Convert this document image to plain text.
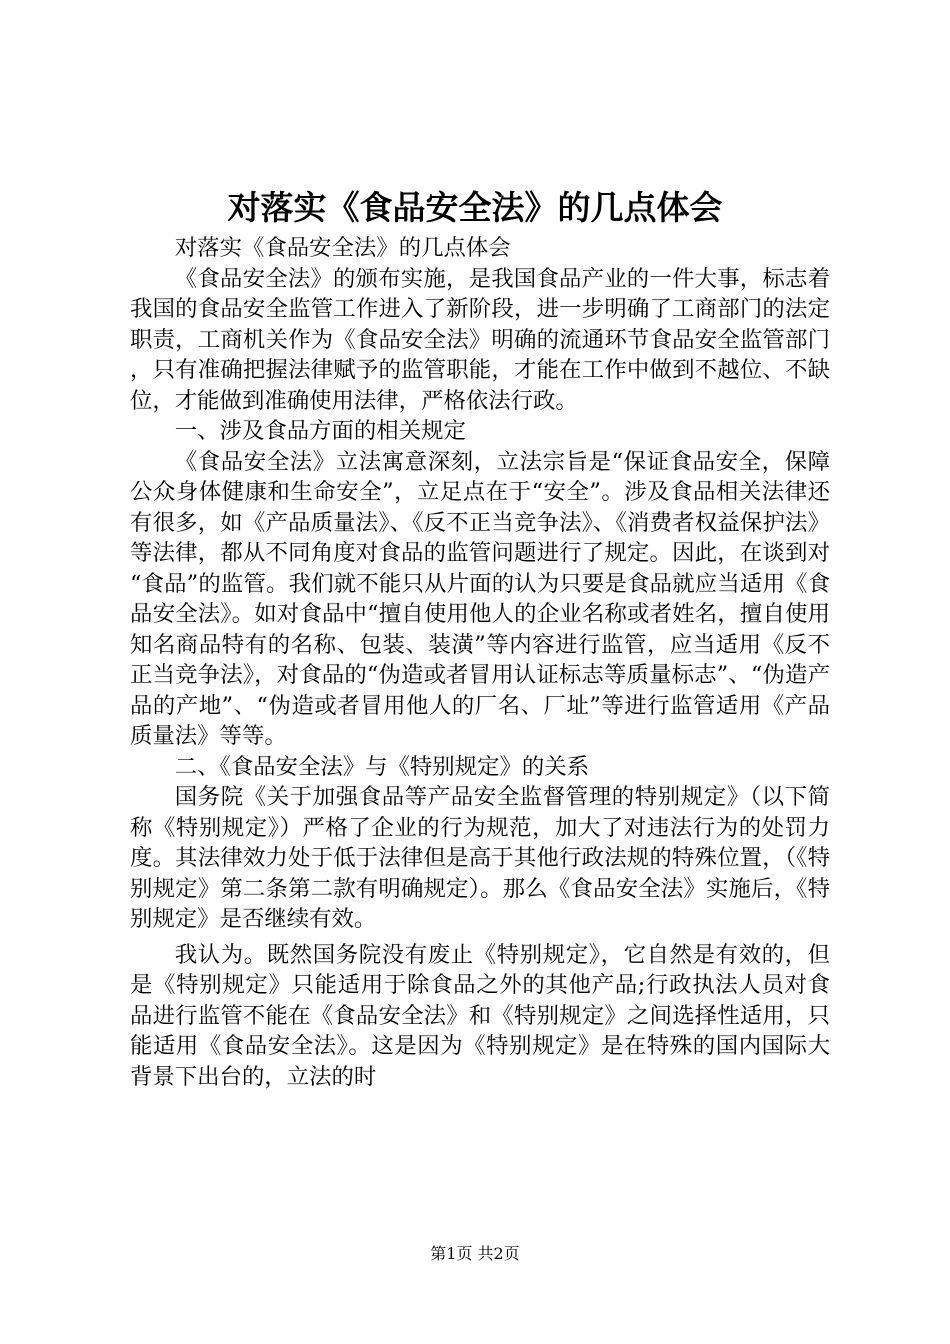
对落实《食品安全法》的几点体会

对落实《食品安全法》的几点体会

《食品安全法》的颁布实施，是我国食品产业的一件大事，标志着我国的食品安全监管工作进入了新阶段，进一步明确了工商部门的法定职责，工商机关作为《食品安全法》明确的流通环节食品安全监管部门，只有准确把握法律赋予的监管职能，才能在工作中做到不越位、不缺位，才能做到准确使用法律，严格依法行政。

一、涉及食品方面的相关规定

《食品安全法》立法寓意深刻，立法宗旨是“保证食品安全，保障公众身体健康和生命安全”，立足点在于“安全”。涉及食品相关法律还有很多，如《产品质量法》、《反不正当竞争法》、《消费者权益保护法》等法律，都从不同角度对食品的监管问题进行了规定。因此，在谈到对“食品”的监管。我们就不能只从片面的认为只要是食品就应当适用《食品安全法》。如对食品中“擅自使用他人的企业名称或者姓名，擅自使用知名商品特有的名称、包装、装潢”等内容进行监管，应当适用《反不正当竞争法》，对食品的“伪造或者冒用认证标志等质量标志”、“伪造产品的产地”、“伪造或者冒用他人的厂名、厂址”等进行监管适用《产品质量法》等等。

二、《食品安全法》与《特别规定》的关系

国务院《关于加强食品等产品安全监督管理的特别规定》（以下简称《特别规定》）严格了企业的行为规范，加大了对违法行为的处罚力度。其法律效力处于低于法律但是高于其他行政法规的特殊位置，（《特别规定》第二条第二款有明确规定）。那么《食品安全法》实施后，《特别规定》是否继续有效。

我认为。既然国务院没有废止《特别规定》，它自然是有效的，但是《特别规定》只能适用于除食品之外的其他产品;行政执法人员对食品进行监管不能在《食品安全法》和《特别规定》之间选择性适用，只能适用《食品安全法》。这是因为《特别规定》是在特殊的国内国际大背景下出台的，立法的时

第1页 共2页
